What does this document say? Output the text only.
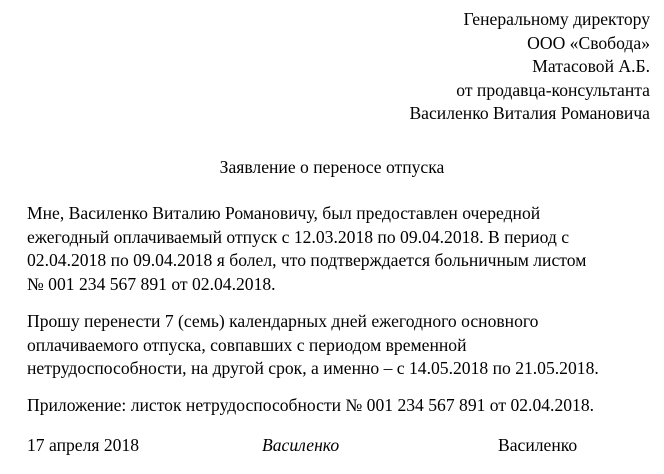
Генеральному директору
ООО «Свобода»
Матасовой А.Б.
от продавца-консультанта
Василенко Виталия Романовича
Заявление о переносе отпуска
Мне, Василенко Виталию Романовичу, был предоставлен очередной
ежегодный оплачиваемый отпуск с 12.03.2018 по 09.04.2018. В период с
02.04.2018 по 09.04.2018 я болел, что подтверждается больничным листом
№ 001 234 567 891 от 02.04.2018.
Прошу перенести 7 (семь) календарных дней ежегодного основного
оплачиваемого отпуска, совпавших с периодом временной
нетрудоспособности, на другой срок, а именно – с 14.05.2018 по 21.05.2018.
Приложение: листок нетрудоспособности № 001 234 567 891 от 02.04.2018.
17 апреля 2018	Василенко	Василенко
